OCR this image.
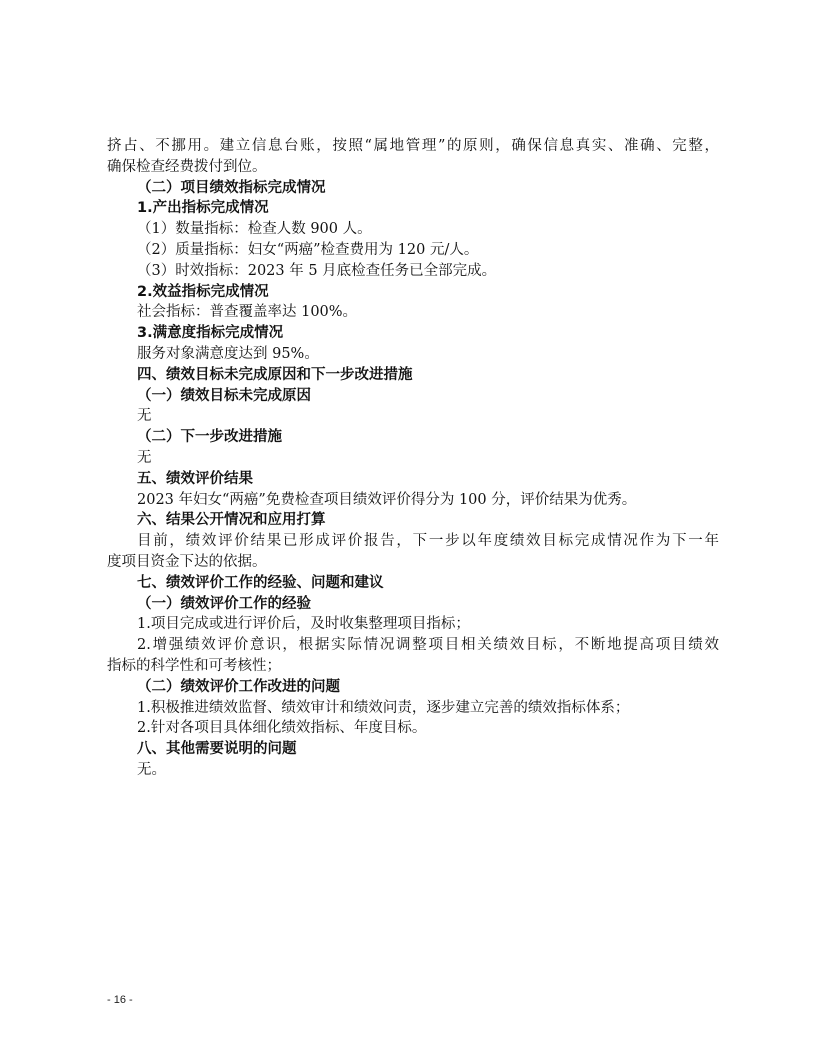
挤占、不挪用。建立信息台账，按照“属地管理”的原则，确保信息真实、准确、完整，
确保检查经费拨付到位。
（二）项目绩效指标完成情况
1.产出指标完成情况
（1）数量指标：检查人数 900 人。
（2）质量指标：妇女“两癌”检查费用为 120 元/人。
（3）时效指标：2023 年 5 月底检查任务已全部完成。
2.效益指标完成情况
社会指标：普查覆盖率达 100%。
3.满意度指标完成情况
服务对象满意度达到 95%。
四、绩效目标未完成原因和下一步改进措施
（一）绩效目标未完成原因
无
（二）下一步改进措施
无
五、绩效评价结果
2023 年妇女“两癌”免费检查项目绩效评价得分为 100 分，评价结果为优秀。
六、结果公开情况和应用打算
目前，绩效评价结果已形成评价报告，下一步以年度绩效目标完成情况作为下一年
度项目资金下达的依据。
七、绩效评价工作的经验、问题和建议
（一）绩效评价工作的经验
1.项目完成或进行评价后，及时收集整理项目指标；
2.增强绩效评价意识，根据实际情况调整项目相关绩效目标，不断地提高项目绩效
指标的科学性和可考核性；
（二）绩效评价工作改进的问题
1.积极推进绩效监督、绩效审计和绩效问责，逐步建立完善的绩效指标体系；
2.针对各项目具体细化绩效指标、年度目标。
八、其他需要说明的问题
无。
- 16 -
